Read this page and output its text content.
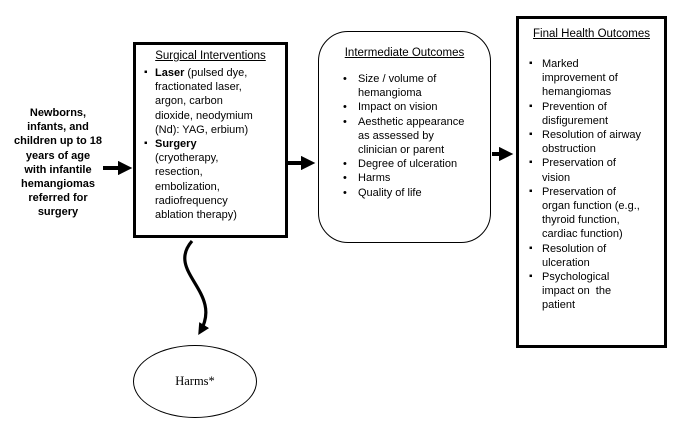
Newborns, infants, and children up to 18 years of age with infantile hemangiomas referred for surgery
Surgical Interventions
▪ Laser (pulsed dye, fractionated laser, argon, carbon dioxide, neodymium (Nd): YAG, erbium)
▪ Surgery (cryotherapy, resection, embolization, radiofrequency ablation therapy)
Intermediate Outcomes
• Size / volume of hemangioma
• Impact on vision
• Aesthetic appearance as assessed by clinician or parent
• Degree of ulceration
• Harms
• Quality of life
Final Health Outcomes
▪ Marked improvement of hemangiomas
▪ Prevention of disfigurement
▪ Resolution of airway obstruction
▪ Preservation of vision
▪ Preservation of organ function (e.g., thyroid function, cardiac function)
▪ Resolution of ulceration
▪ Psychological impact on  the patient
Harms*
